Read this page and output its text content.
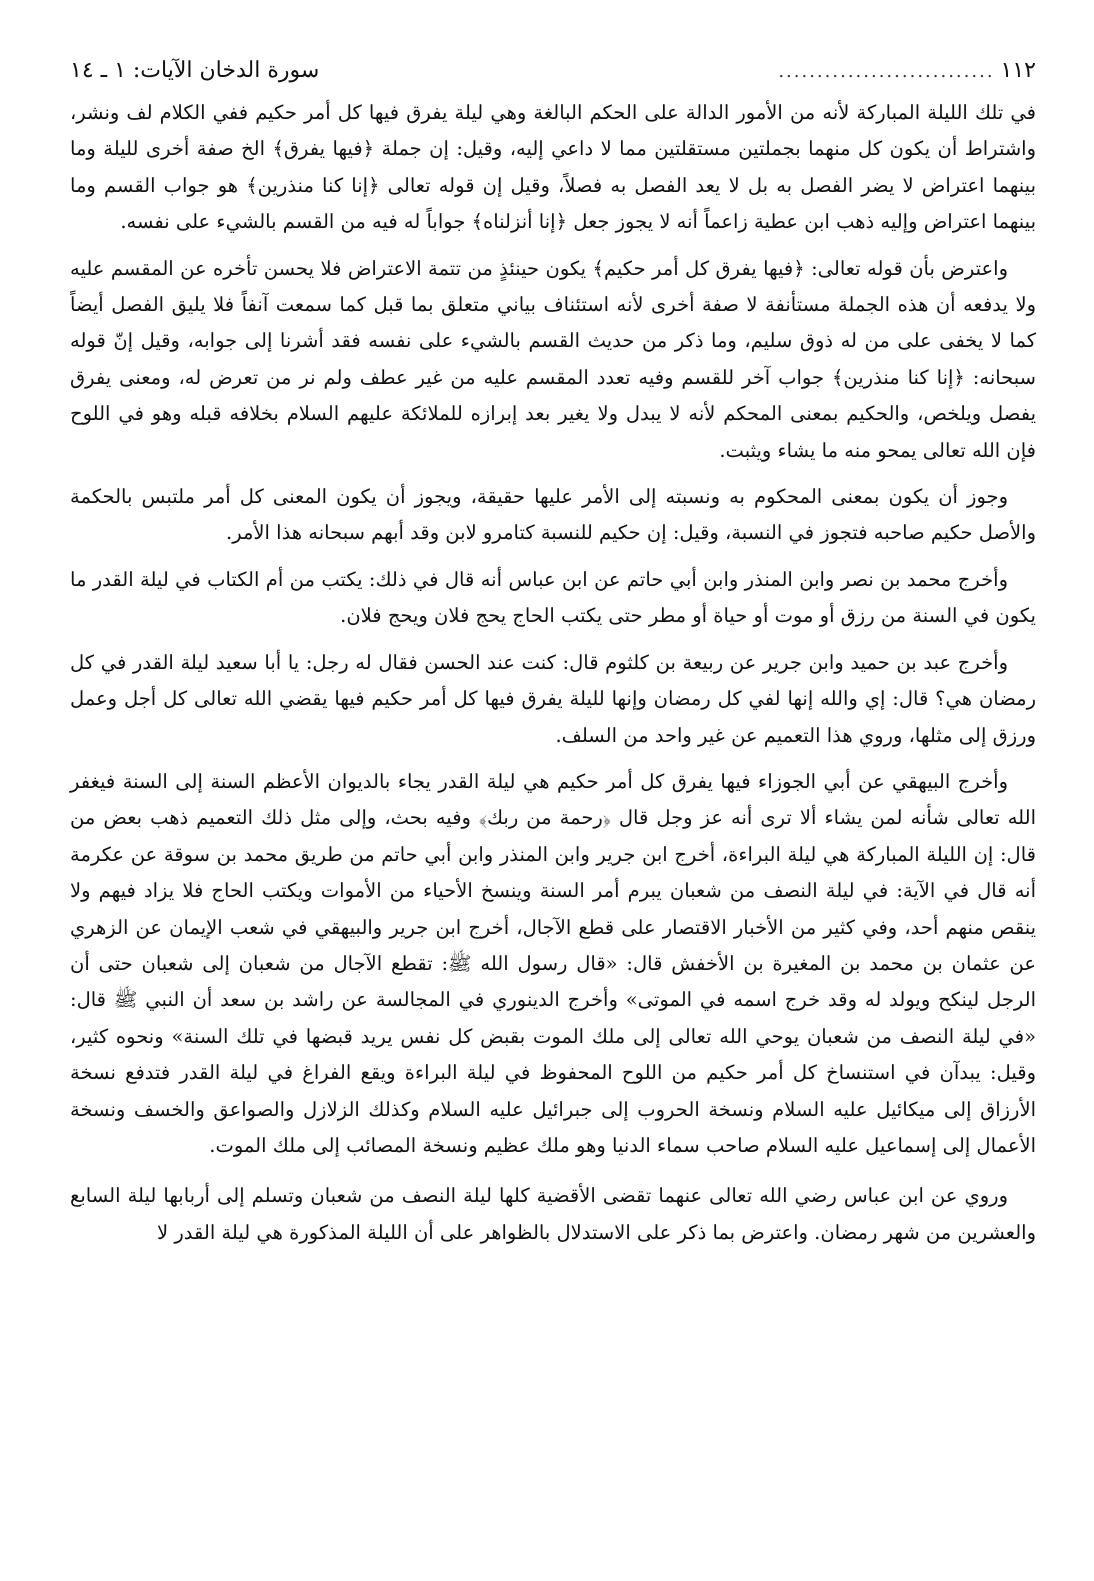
١١٢
............................
سورة الدخان الآيات: ١ ـ ١٤

في تلك الليلة المباركة لأنه من الأمور الدالة على الحكم البالغة وهي ليلة يفرق فيها كل أمر حكيم ففي الكلام لف ونشر، واشتراط أن يكون كل منهما بجملتين مستقلتين مما لا داعي إليه، وقيل: إن جملة ﴿فيها يفرق﴾ الخ صفة أخرى لليلة وما بينهما اعتراض لا يضر الفصل به بل لا يعد الفصل به فصلاً، وقيل إن قوله تعالى ﴿إنا كنا منذرين﴾ هو جواب القسم وما بينهما اعتراض وإليه ذهب ابن عطية زاعماً أنه لا يجوز جعل ﴿إنا أنزلناه﴾ جواباً له فيه من القسم بالشيء على نفسه.

واعترض بأن قوله تعالى: ﴿فيها يفرق كل أمر حكيم﴾ يكون حينئذٍ من تتمة الاعتراض فلا يحسن تأخره عن المقسم عليه ولا يدفعه أن هذه الجملة مستأنفة لا صفة أخرى لأنه استئناف بياني متعلق بما قبل كما سمعت آنفاً فلا يليق الفصل أيضاً كما لا يخفى على من له ذوق سليم، وما ذكر من حديث القسم بالشيء على نفسه فقد أشرنا إلى جوابه، وقيل إنّ قوله سبحانه: ﴿إنا كنا منذرين﴾ جواب آخر للقسم وفيه تعدد المقسم عليه من غير عطف ولم نر من تعرض له، ومعنى يفرق يفصل ويلخص، والحكيم بمعنى المحكم لأنه لا يبدل ولا يغير بعد إبرازه للملائكة عليهم السلام بخلافه قبله وهو في اللوح فإن الله تعالى يمحو منه ما يشاء ويثبت.

وجوز أن يكون بمعنى المحكوم به ونسبته إلى الأمر عليها حقيقة، ويجوز أن يكون المعنى كل أمر ملتبس بالحكمة والأصل حكيم صاحبه فتجوز في النسبة، وقيل: إن حكيم للنسبة كتامرو لابن وقد أبهم سبحانه هذا الأمر.

وأخرج محمد بن نصر وابن المنذر وابن أبي حاتم عن ابن عباس أنه قال في ذلك: يكتب من أم الكتاب في ليلة القدر ما يكون في السنة من رزق أو موت أو حياة أو مطر حتى يكتب الحاج يحج فلان ويحج فلان.

وأخرج عبد بن حميد وابن جرير عن ربيعة بن كلثوم قال: كنت عند الحسن فقال له رجل: يا أبا سعيد ليلة القدر في كل رمضان هي؟ قال: إي والله إنها لفي كل رمضان وإنها لليلة يفرق فيها كل أمر حكيم فيها يقضي الله تعالى كل أجل وعمل ورزق إلى مثلها، وروي هذا التعميم عن غير واحد من السلف.

وأخرج البيهقي عن أبي الجوزاء فيها يفرق كل أمر حكيم هي ليلة القدر يجاء بالديوان الأعظم السنة إلى السنة فيغفر الله تعالى شأنه لمن يشاء ألا ترى أنه عز وجل قال ﴿رحمة من ربك﴾ وفيه بحث، وإلى مثل ذلك التعميم ذهب بعض من قال: إن الليلة المباركة هي ليلة البراءة، أخرج ابن جرير وابن المنذر وابن أبي حاتم من طريق محمد بن سوقة عن عكرمة أنه قال في الآية: في ليلة النصف من شعبان يبرم أمر السنة وينسخ الأحياء من الأموات ويكتب الحاج فلا يزاد فيهم ولا ينقص منهم أحد، وفي كثير من الأخبار الاقتصار على قطع الآجال، أخرج ابن جرير والبيهقي في شعب الإيمان عن الزهري عن عثمان بن محمد بن المغيرة بن الأخفش قال: «قال رسول الله ﷺ: تقطع الآجال من شعبان إلى شعبان حتى أن الرجل لينكح ويولد له وقد خرج اسمه في الموتى» وأخرج الدينوري في المجالسة عن راشد بن سعد أن النبي ﷺ قال: «في ليلة النصف من شعبان يوحي الله تعالى إلى ملك الموت بقبض كل نفس يريد قبضها في تلك السنة» ونحوه كثير، وقيل: يبدآن في استنساخ كل أمر حكيم من اللوح المحفوظ في ليلة البراءة ويقع الفراغ في ليلة القدر فتدفع نسخة الأرزاق إلى ميكائيل عليه السلام ونسخة الحروب إلى جبرائيل عليه السلام وكذلك الزلازل والصواعق والخسف ونسخة الأعمال إلى إسماعيل عليه السلام صاحب سماء الدنيا وهو ملك عظيم ونسخة المصائب إلى ملك الموت.

وروي عن ابن عباس رضي الله تعالى عنهما تقضى الأقضية كلها ليلة النصف من شعبان وتسلم إلى أربابها ليلة السابع والعشرين من شهر رمضان. واعترض بما ذكر على الاستدلال بالظواهر على أن الليلة المذكورة هي ليلة القدر لا
